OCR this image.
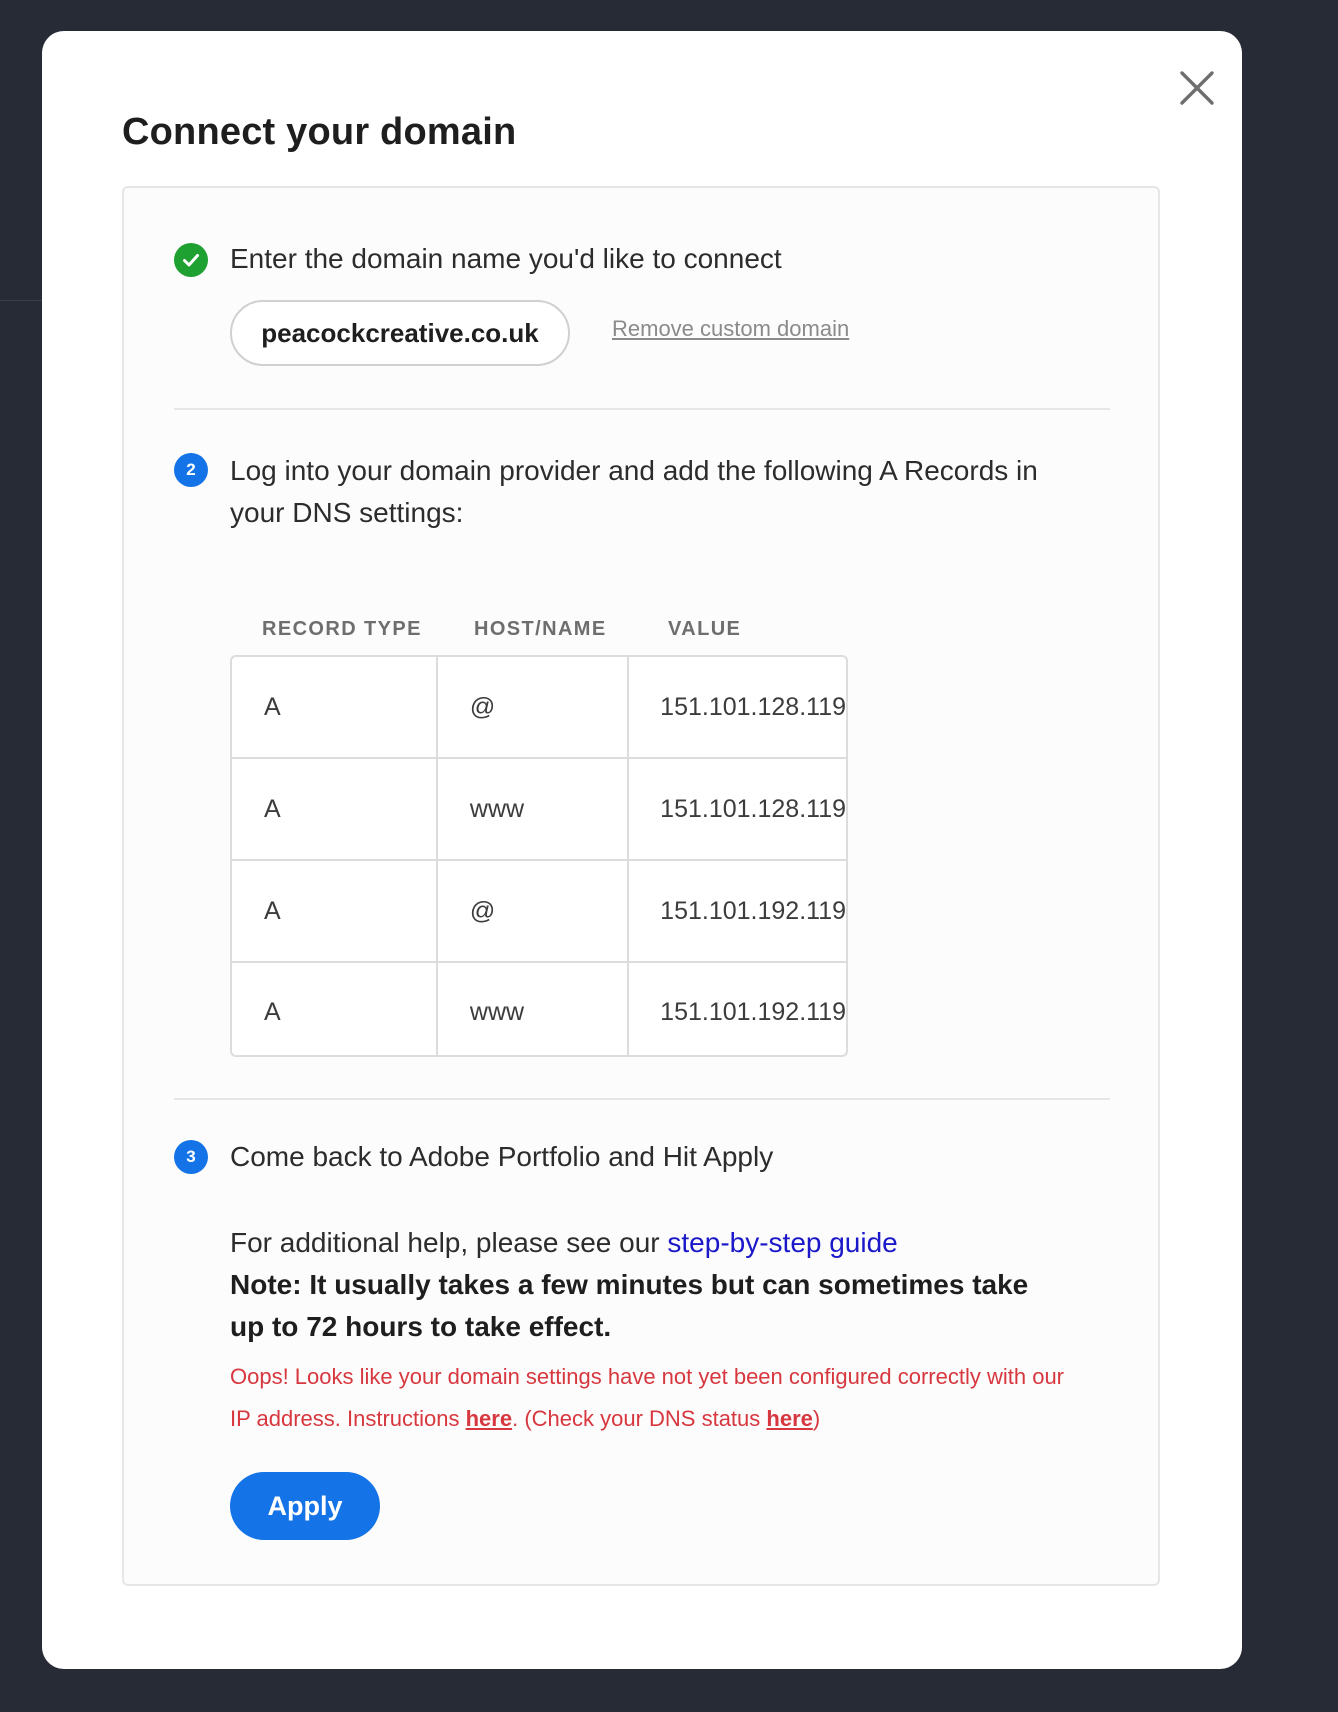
Connect your domain

Enter the domain name you'd like to connect

peacockcreative.co.uk	Remove custom domain
2	Log into your domain provider and add the following A Records in your DNS settings:

RECORD TYPE	HOST/NAME	VALUE
A	@	151.101.128.119
A	www	151.101.128.119
A	@	151.101.192.119
A	www	151.101.192.119
3	Come back to Adobe Portfolio and Hit Apply

For additional help, please see our step-by-step guide
Note: It usually takes a few minutes but can sometimes take up to 72 hours to take effect.
Oops! Looks like your domain settings have not yet been configured correctly with our IP address. Instructions here. (Check your DNS status here)
Apply
